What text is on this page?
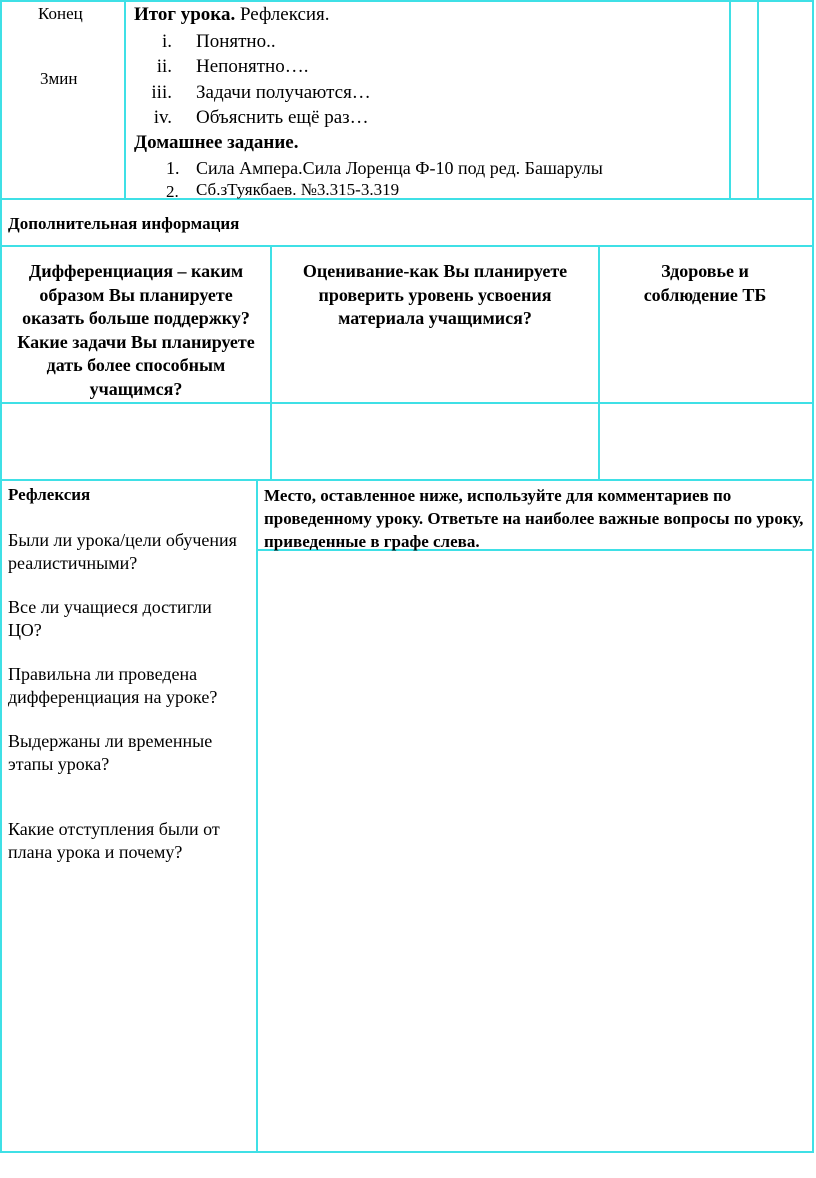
Конец
3мин
Итог урока. Рефлексия.
i. Понятно..
ii. Непонятно….
iii. Задачи получаются…
iv. Объяснить ещё раз…
Домашнее задание.
1. Сила Ампера.Сила Лоренца Ф-10 под ред. Башарулы
2. Сб.зТуякбаев. №3.315-3.319
Дополнительная информация
Дифференциация – каким образом Вы планируете оказать больше поддержку? Какие задачи Вы планируете дать более способным учащимся?
Оценивание-как Вы планируете проверить уровень усвоения материала учащимися?
Здоровье и соблюдение ТБ
Рефлексия
Были ли урока/цели обучения реалистичными?
Все ли учащиеся достигли ЦО?
Правильна ли проведена дифференциация на уроке?
Выдержаны ли временные этапы урока?
Какие отступления были от плана урока и почему?
Место, оставленное ниже, используйте для комментариев по проведенному уроку. Ответьте на наиболее важные вопросы по уроку, приведенные в графе слева.
